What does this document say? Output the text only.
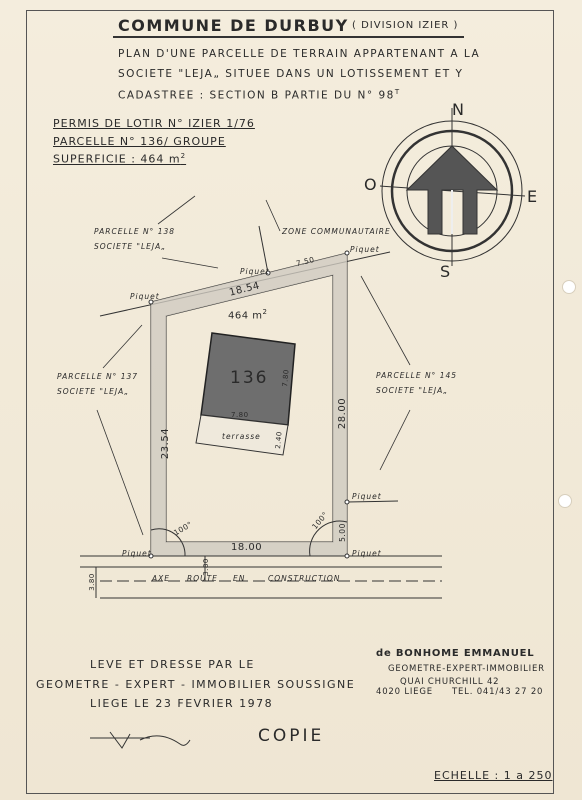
COMMUNE DE DURBUY ( DIVISION IZIER )
PLAN D'UNE PARCELLE DE TERRAIN APPARTENANT A LA
SOCIETE "LEJA„ SITUEE DANS UN LOTISSEMENT ET Y
CADASTREE : SECTION B PARTIE DU N° $98^T$
PERMIS DE LOTIR N° IZIER 1/76
PARCELLE N° 136/ GROUPE
SUPERFICIE : 464 $m^2$
N
S
E
O
PARCELLE N° 138
SOCIETE "LEJA„
ZONE COMMUNAUTAIRE
PARCELLE N° 137
SOCIETE "LEJA„
PARCELLE N° 145
SOCIETE "LEJA„
Piquet
Piquet
Piquet
Piquet
Piquet	Piquet
18.54
7.50
464 $m^2$
136
7.80
7.80
terrasse 2.40
23.54
28.00
5.00
18.00
100°	100°
3.80
3.80
AXE ROUTE EN	CONSTRUCTION
LEVE ET DRESSE PAR LE
GEOMETRE - EXPERT - IMMOBILIER SOUSSIGNE
LIEGE LE 23 FEVRIER 1978
COPIE
ECHELLE : 1 a 250
de BONHOME EMMANUEL
GEOMETRE-EXPERT-IMMOBILIER
QUAI CHURCHILL 42
4020 LIEGE TEL. 041/43 27 20
